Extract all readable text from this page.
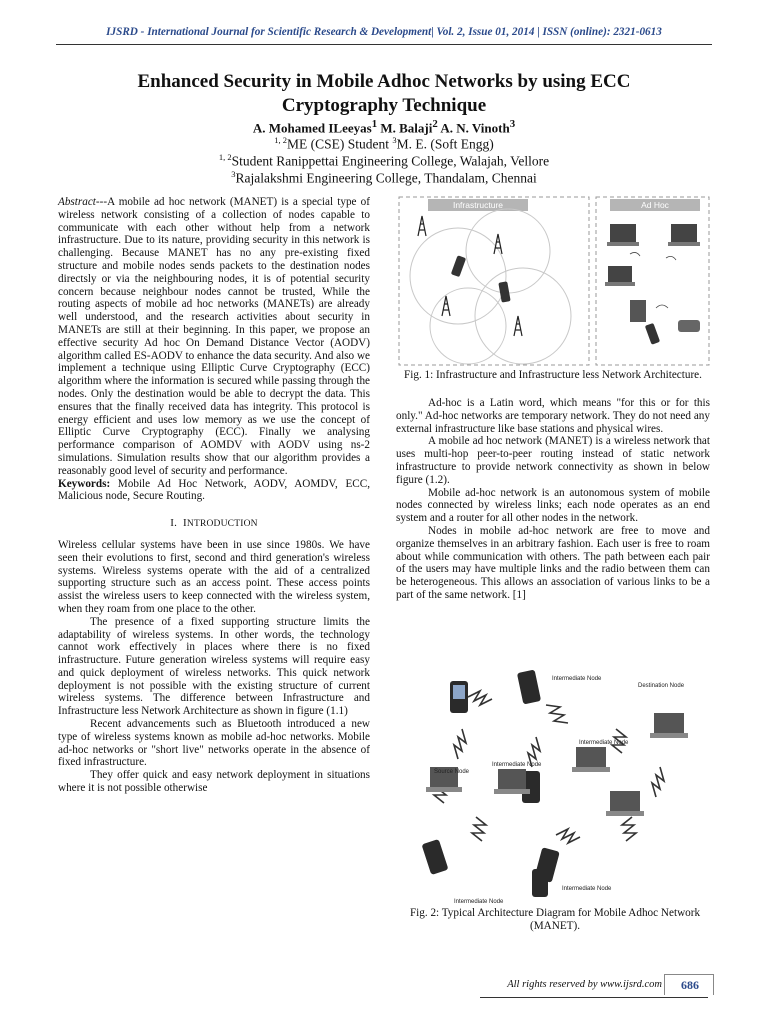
IJSRD - International Journal for Scientific Research & Development| Vol. 2, Issue 01, 2014 | ISSN (online): 2321-0613
Enhanced Security in Mobile Adhoc Networks by using ECC
Cryptography Technique
A. Mohamed ILeeyas$^1$ M. Balaji$^2$ A. N. Vinoth$^3$
$^{1, 2}$ME (CSE) Student $^3$M. E. (Soft Engg)
$^{1, 2}$Student Ranippettai Engineering College, Walajah, Vellore
$^3$Rajalakshmi Engineering College, Thandalam, Chennai

Abstract---A mobile ad hoc network (MANET) is a special type of wireless network consisting of a collection of nodes capable to communicate with each other without help from a network infrastructure. Due to its nature, providing security in this network is challenging. Because MANET has no any pre-existing fixed structure and mobile nodes sends packets to the destination nodes directsly or via the neighbouring nodes, it is of potential security concern because neighbour nodes cannot be trusted, While the routing aspects of mobile ad hoc networks (MANETs) are already well understood, and the research activities about security in MANETs are still at their beginning. In this paper, we propose an effective security Ad hoc On Demand Distance Vector (AODV) algorithm called ES-AODV to enhance the data security. And also we implement a technique using Elliptic Curve Cryptography (ECC) algorithm where the information is secured while passing through the nodes. Only the destination would be able to decrypt the data. This ensures that the finally received data has integrity. This protocol is energy efficient and uses low memory as we use the concept of Elliptic Curve Cryptography (ECC). Finally we analysing performance comparison of AOMDV with AODV using ns-2 simulations. Simulation results show that our algorithm provides a reasonably good level of security and performance.

Keywords: Mobile Ad Hoc Network, AODV, AOMDV, ECC, Malicious node, Secure Routing.

I. INTRODUCTION

Wireless cellular systems have been in use since 1980s. We have seen their evolutions to first, second and third generation's wireless systems. Wireless systems operate with the aid of a centralized supporting structure such as an access point. These access points assist the wireless users to keep connected with the wireless system, when they roam from one place to the other.

The presence of a fixed supporting structure limits the adaptability of wireless systems. In other words, the technology cannot work effectively in places where there is no fixed infrastructure. Future generation wireless systems will require easy and quick deployment of wireless networks. This quick network deployment is not possible with the existing structure of current wireless systems. The difference between Infrastructure and Infrastructure less Network Architecture as shown in figure (1.1)

Recent advancements such as Bluetooth introduced a new type of wireless systems known as mobile ad-hoc networks. Mobile ad-hoc networks or "short live" networks operate in the absence of fixed infrastructure.

They offer quick and easy network deployment in situations where it is not possible otherwise

Infrastructure	Ad Hoc
Fig. 1: Infrastructure and Infrastructure less Network Architecture.

Ad-hoc is a Latin word, which means "for this or for this only." Ad-hoc networks are temporary network. They do not need any external infrastructure like base stations and physical wires.

A mobile ad hoc network (MANET) is a wireless network that uses multi-hop peer-to-peer routing instead of static network infrastructure to provide network connectivity as shown in below figure (1.2).

Mobile ad-hoc network is an autonomous system of mobile nodes connected by wireless links; each node operates as an end system and a router for all other nodes in the network.

Nodes in mobile ad-hoc network are free to move and organize themselves in an arbitrary fashion. Each user is free to roam about while communication with others. The path between each pair of the users may have multiple links and the radio between them can be heterogeneous. This allows an association of various links to be a part of the same network. [1]

Intermediate Node
Destination Node
Intermediate Node
Intermediate Node
Source Node
Intermediate Node
Intermediate Node
Fig. 2: Typical Architecture Diagram for Mobile Adhoc Network (MANET).
All rights reserved by www.ijsrd.com	686
